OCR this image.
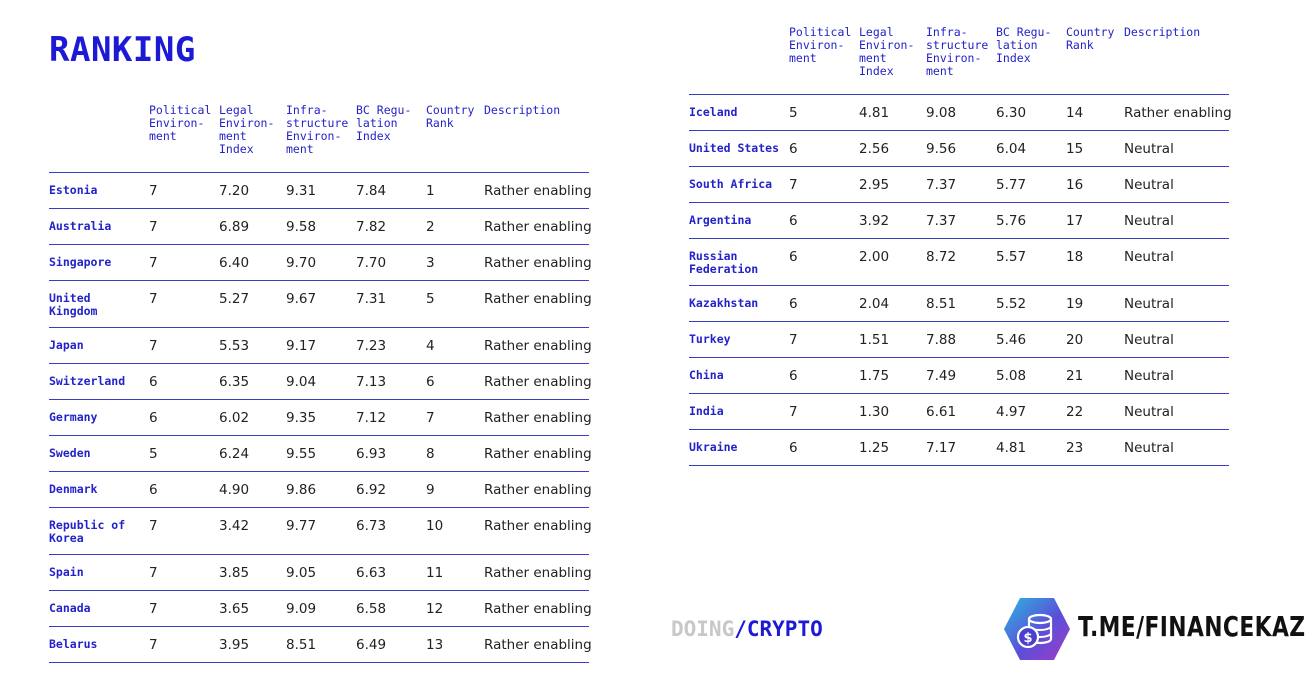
RANKING
	Political
Environ-
ment	Legal
Environ-
ment
Index	Infra-
structure
Environ-
ment	BC Regu-
lation
Index	Country
Rank	Description
Estonia	7	7.20	9.31	7.84	1	Rather enabling
Australia	7	6.89	9.58	7.82	2	Rather enabling
Singapore	7	6.40	9.70	7.70	3	Rather enabling
United Kingdom	7	5.27	9.67	7.31	5	Rather enabling
Japan	7	5.53	9.17	7.23	4	Rather enabling
Switzerland	6	6.35	9.04	7.13	6	Rather enabling
Germany	6	6.02	9.35	7.12	7	Rather enabling
Sweden	5	6.24	9.55	6.93	8	Rather enabling
Denmark	6	4.90	9.86	6.92	9	Rather enabling
Republic of Korea	7	3.42	9.77	6.73	10	Rather enabling
Spain	7	3.85	9.05	6.63	11	Rather enabling
Canada	7	3.65	9.09	6.58	12	Rather enabling
Belarus	7	3.95	8.51	6.49	13	Rather enabling
	Political
Environ-
ment	Legal
Environ-
ment
Index	Infra-
structure
Environ-
ment	BC Regu-
lation
Index	Country
Rank	Description
Iceland	5	4.81	9.08	6.30	14	Rather enabling
United States	6	2.56	9.56	6.04	15	Neutral
South Africa	7	2.95	7.37	5.77	16	Neutral
Argentina	6	3.92	7.37	5.76	17	Neutral
Russian Federation	6	2.00	8.72	5.57	18	Neutral
Kazakhstan	6	2.04	8.51	5.52	19	Neutral
Turkey	7	1.51	7.88	5.46	20	Neutral
China	6	1.75	7.49	5.08	21	Neutral
India	7	1.30	6.61	4.97	22	Neutral
Ukraine	6	1.25	7.17	4.81	23	Neutral
DOING/CRYPTO	$ T.ME/FINANCEKAZ
